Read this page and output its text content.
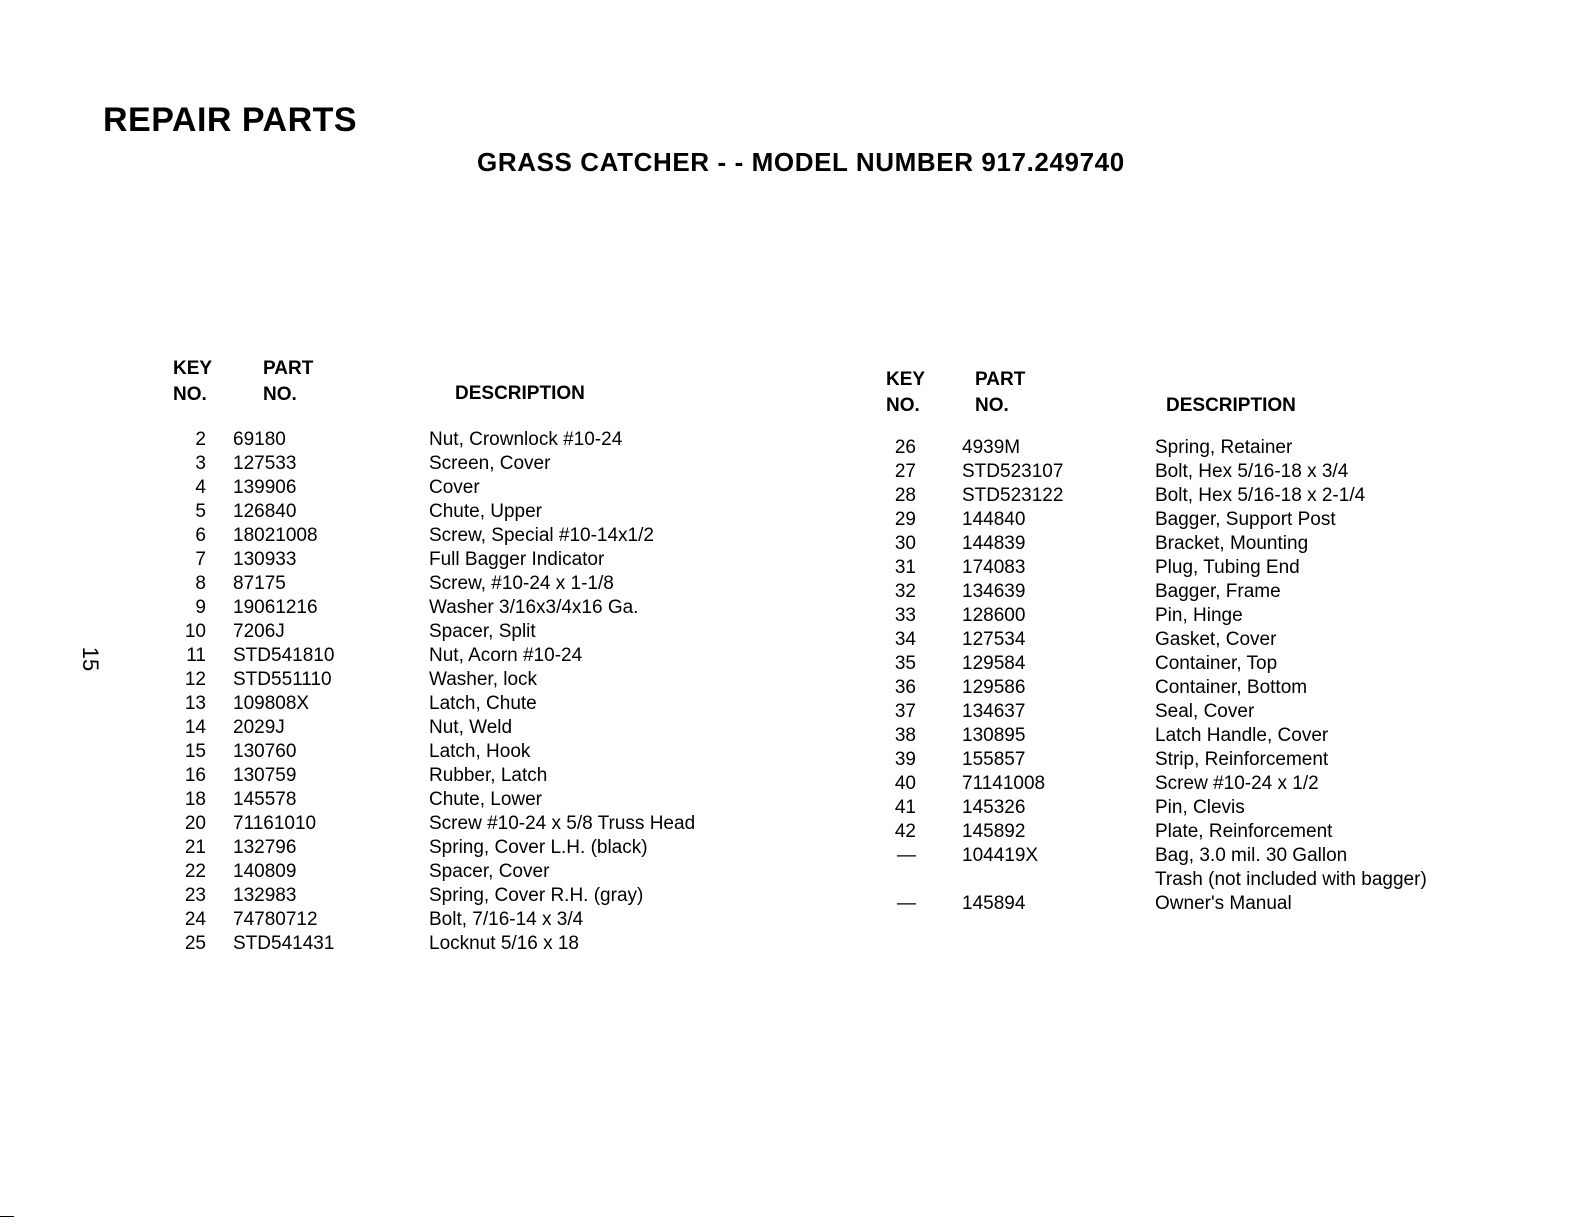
REPAIR PARTS
GRASS CATCHER - - MODEL NUMBER 917.249740
15
KEY
NO.
PART
NO.	DESCRIPTION
KEY
NO.
PART
NO.	DESCRIPTION
2 69180	Nut, Crownlock #10-24
3 127533	Screen, Cover
4 139906	Cover
5 126840	Chute, Upper
6 18021008	Screw, Special #10-14x1/2
7 130933	Full Bagger Indicator
8 87175	Screw, #10-24 x 1-1/8
9 19061216	Washer 3/16x3/4x16 Ga.
10 7206J	Spacer, Split
11 STD541810	Nut, Acorn #10-24
12 STD551110	Washer, lock
13 109808X	Latch, Chute
14 2029J	Nut, Weld
15 130760	Latch, Hook
16 130759	Rubber, Latch
18 145578	Chute, Lower
20 71161010	Screw #10-24 x 5/8 Truss Head
21 132796	Spring, Cover L.H. (black)
22 140809	Spacer, Cover
23 132983	Spring, Cover R.H. (gray)
24 74780712	Bolt, 7/16-14 x 3/4
25 STD541431	Locknut 5/16 x 18
26 4939M	Spring, Retainer
27 STD523107	Bolt, Hex 5/16-18 x 3/4
28 STD523122	Bolt, Hex 5/16-18 x 2-1/4
29 144840	Bagger, Support Post
30 144839	Bracket, Mounting
31 174083	Plug, Tubing End
32 134639	Bagger, Frame
33 128600	Pin, Hinge
34 127534	Gasket, Cover
35 129584	Container, Top
36 129586	Container, Bottom
37 134637	Seal, Cover
38 130895	Latch Handle, Cover
39 155857	Strip, Reinforcement
40 71141008	Screw #10-24 x 1/2
41 145326	Pin, Clevis
42 145892	Plate, Reinforcement
— 104419X	Bag, 3.0 mil. 30 Gallon
Trash (not included with bagger)
— 145894	Owner's Manual
